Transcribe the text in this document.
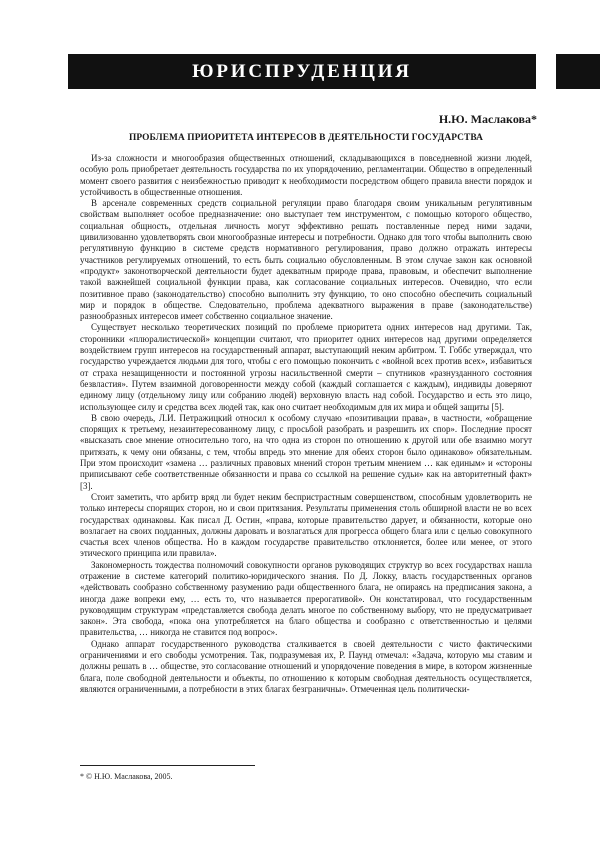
ЮРИСПРУДЕНЦИЯ
Н.Ю. Маслакова*
ПРОБЛЕМА ПРИОРИТЕТА ИНТЕРЕСОВ В ДЕЯТЕЛЬНОСТИ ГОСУДАРСТВА

Из-за сложности и многообразия общественных отношений, складывающихся в повседневной жизни людей, особую роль приобретает деятельность государства по их упорядочению, регламентации. Общество в определенный момент своего развития с неизбежностью приводит к необходимости посредством общего правила внести порядок и устойчивость в общественные отношения.

В арсенале современных средств социальной регуляции право благодаря своим уникальным регулятивным свойствам выполняет особое предназначение: оно выступает тем инструментом, с помощью которого общество, социальная общность, отдельная личность могут эффективно решать поставленные перед ними задачи, цивилизованно удовлетворять свои многообразные интересы и потребности. Однако для того чтобы выполнить свою регулятивную функцию в системе средств нормативного регулирования, право должно отражать интересы участников регулируемых отношений, то есть быть социально обусловленным. В этом случае закон как основной «продукт» законотворческой деятельности будет адекватным природе права, правовым, и обеспечит выполнение такой важнейшей социальной функции права, как согласование социальных интересов. Очевидно, что если позитивное право (законодательство) способно выполнить эту функцию, то оно способно обеспечить социальный мир и порядок в обществе. Следовательно, проблема адекватного выражения в праве (законодательстве) разнообразных интересов имеет собственно социальное значение.

Существует несколько теоретических позиций по проблеме приоритета одних интересов над другими. Так, сторонники «плюралистической» концепции считают, что приоритет одних интересов над другими определяется воздействием групп интересов на государственный аппарат, выступающий неким арбитром. Т. Гоббс утверждал, что государство учреждается людьми для того, чтобы с его помощью покончить с «войной всех против всех», избавиться от страха незащищенности и постоянной угрозы насильственной смерти – спутников «разнузданного состояния безвластия». Путем взаимной договоренности между собой (каждый соглашается с каждым), индивиды доверяют единому лицу (отдельному лицу или собранию людей) верховную власть над собой. Государство и есть это лицо, использующее силу и средства всех людей так, как оно считает необходимым для их мира и общей защиты [5].

В свою очередь, Л.И. Петражицкий относил к особому случаю «позитивации права», в частности, «обращение спорящих к третьему, незаинтересованному лицу, с просьбой разобрать и разрешить их спор». Последние просят «высказать свое мнение относительно того, на что одна из сторон по отношению к другой или обе взаимно могут притязать, к чему они обязаны, с тем, чтобы впредь это мнение для обеих сторон было одинаково» обязательным. При этом происходит «замена … различных правовых мнений сторон третьим мнением … как единым» и «стороны приписывают себе соответственные обязанности и права со ссылкой на решение судьи» как на авторитетный факт» [3].

Стоит заметить, что арбитр вряд ли будет неким беспристрастным совершенством, способным удовлетворить не только интересы спорящих сторон, но и свои притязания. Результаты применения столь обширной власти не во всех государствах одинаковы. Как писал Д. Остин, «права, которые правительство дарует, и обязанности, которые оно возлагает на своих подданных, должны даровать и возлагаться для прогресса общего блага или с целью совокупного счастья всех членов общества. Но в каждом государстве правительство отклоняется, более или менее, от этого этического принципа или правила».

Закономерность тождества полномочий совокупности органов руководящих структур во всех государствах нашла отражение в системе категорий политико-юридического знания. По Д. Локку, власть государственных органов «действовать сообразно собственному разумению ради общественного блага, не опираясь на предписания закона, а иногда даже вопреки ему, … есть то, что называется прерогативой». Он констатировал, что государственным руководящим структурам «представляется свобода делать многое по собственному выбору, что не предусматривает закон». Эта свобода, «пока она употребляется на благо общества и сообразно с ответственностью и целями правительства, … никогда не ставится под вопрос».

Однако аппарат государственного руководства сталкивается в своей деятельности с чисто фактическими ограничениями и его свободы усмотрения. Так, подразумевая их, Р. Паунд отмечал: «Задача, которую мы ставим и должны решать в … обществе, это согласование отношений и упорядочение поведения в мире, в котором жизненные блага, поле свободной деятельности и объекты, по отношению к которым свободная деятельность осуществляется, являются ограниченными, а потребности в этих благах безграничны». Отмеченная цель политически-

* © Н.Ю. Маслакова, 2005.
